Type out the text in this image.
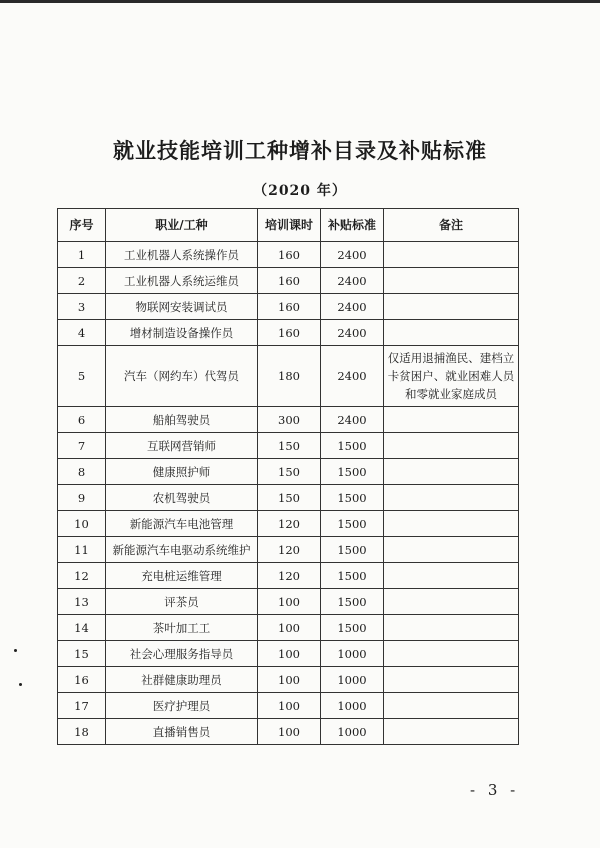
就业技能培训工种增补目录及补贴标准
（2020 年）
序号	职业/工种	培训课时	补贴标准	备注
1	工业机器人系统操作员	160	2400	
2	工业机器人系统运维员	160	2400	
3	物联网安装调试员	160	2400	
4	增材制造设备操作员	160	2400	
5	汽车（网约车）代驾员	180	2400	仅适用退捕渔民、建档立卡贫困户、就业困难人员和零就业家庭成员
6	船舶驾驶员	300	2400	
7	互联网营销师	150	1500	
8	健康照护师	150	1500	
9	农机驾驶员	150	1500	
10	新能源汽车电池管理	120	1500	
11	新能源汽车电驱动系统维护	120	1500	
12	充电桩运维管理	120	1500	
13	评茶员	100	1500	
14	茶叶加工工	100	1500	
15	社会心理服务指导员	100	1000	
16	社群健康助理员	100	1000	
17	医疗护理员	100	1000	
18	直播销售员	100	1000	
- 3 -
